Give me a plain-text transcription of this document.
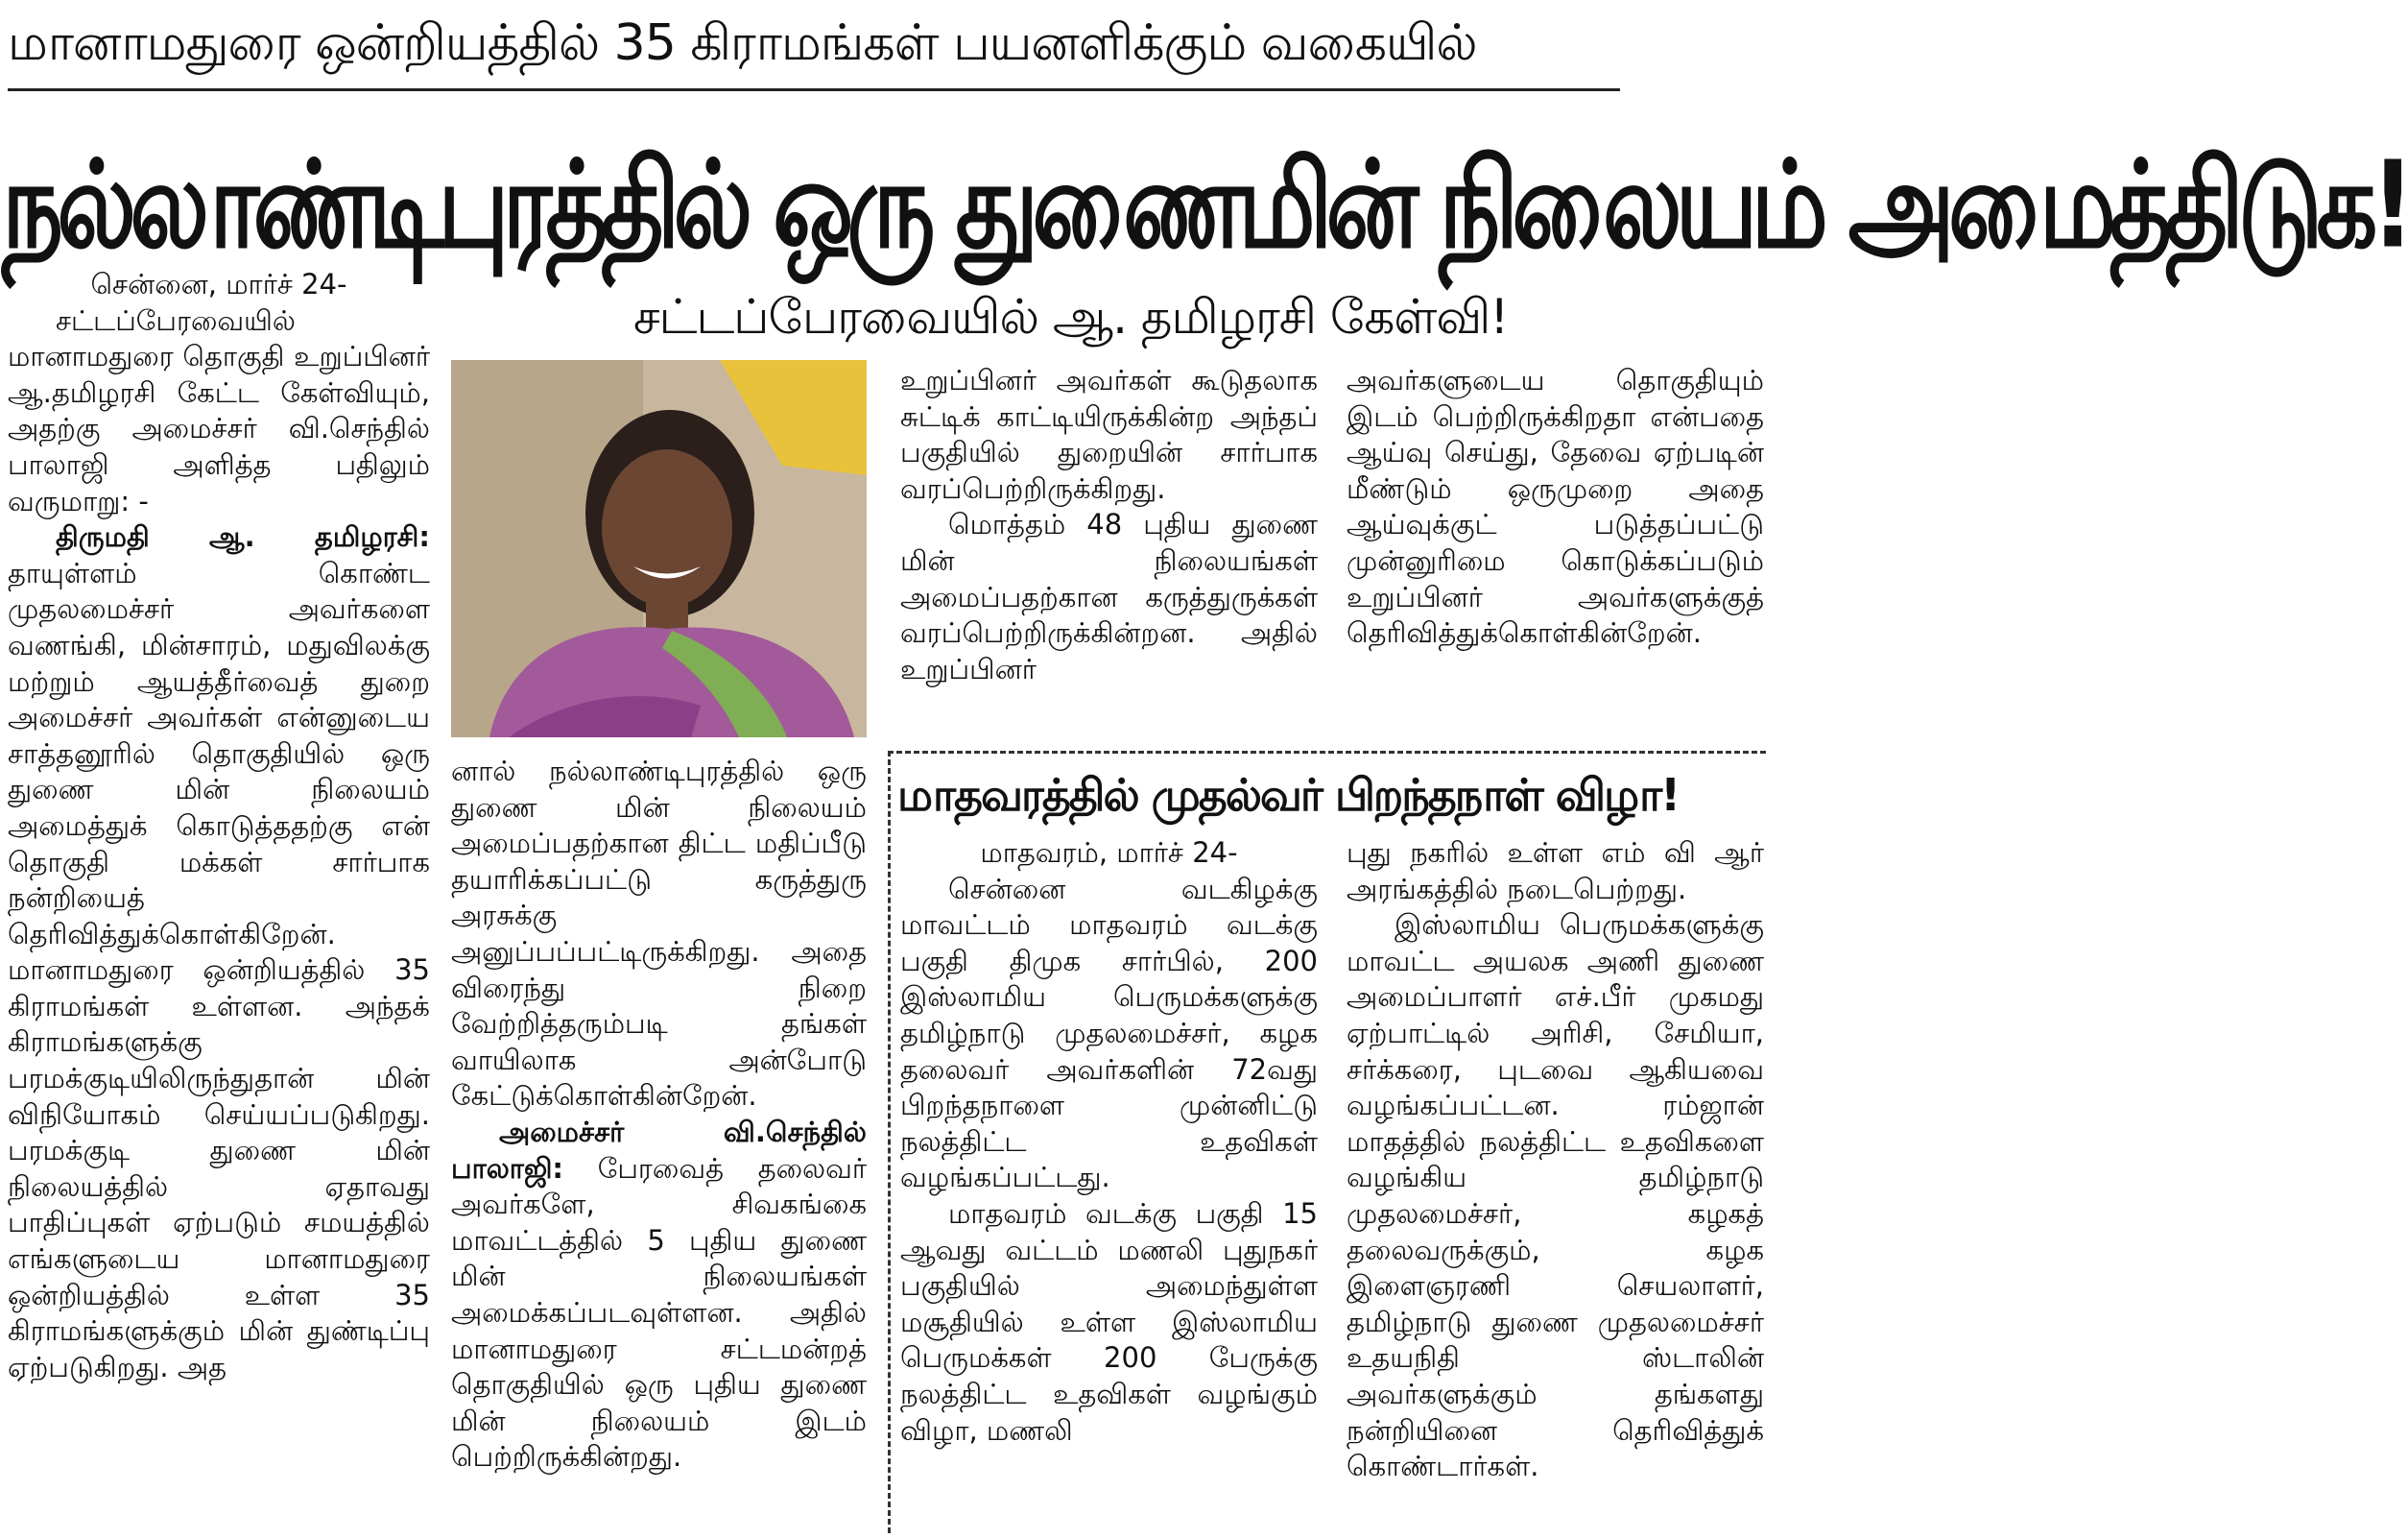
மானாமதுரை ஒன்றியத்தில் 35 கிராமங்கள் பயனளிக்கும் வகையில்
நல்லாண்டிபுரத்தில் ஒரு துணைமின் நிலையம் அமைத்திடுக!
சட்டப்பேரவையில் ஆ. தமிழரசி கேள்வி!

சென்னை, மார்ச் 24-

சட்டப்பேரவையில் மானாமதுரை தொகுதி உறுப்பினர் ஆ.தமிழரசி கேட்ட கேள்வியும், அதற்கு அமைச்சர் வி.செந்தில் பாலாஜி அளித்த பதிலும் வருமாறு: -

திருமதி ஆ. தமிழரசி: தாயுள்ளம் கொண்ட முதலமைச்சர் அவர்களை வணங்கி, மின்சாரம், மதுவிலக்கு மற்றும் ஆயத்தீர்வைத் துறை அமைச்சர் அவர்கள் என்னுடைய சாத்தனூரில் தொகுதியில் ஒரு துணை மின் நிலையம் அமைத்துக் கொடுத்ததற்கு என் தொகுதி மக்கள் சார்பாக நன்றியைத் தெரிவித்துக்கொள்கிறேன். மானாமதுரை ஒன்றியத்தில் 35 கிராமங்கள் உள்ளன. அந்தக் கிராமங்களுக்கு பரமக்குடியிலிருந்துதான் மின் விநியோகம் செய்யப்படுகிறது. பரமக்குடி துணை மின் நிலையத்தில் ஏதாவது பாதிப்புகள் ஏற்படும் சமயத்தில் எங்களுடைய மானாமதுரை ஒன்றியத்தில் உள்ள 35 கிராமங்களுக்கும் மின் துண்டிப்பு ஏற்படுகிறது. அத

னால் நல்லாண்டிபுரத்தில் ஒரு துணை மின் நிலையம் அமைப்பதற்கான திட்ட மதிப்பீடு தயாரிக்கப்பட்டு கருத்துரு அரசுக்கு அனுப்பப்பட்டிருக்கிறது. அதை விரைந்து நிறை வேற்றித்தரும்படி தங்கள் வாயிலாக அன்போடு கேட்டுக்கொள்கின்றேன்.

அமைச்சர் வி.செந்தில் பாலாஜி: பேரவைத் தலைவர் அவர்களே, சிவகங்கை மாவட்டத்தில் 5 புதிய துணை மின் நிலையங்கள் அமைக்கப்படவுள்ளன. அதில் மானாமதுரை சட்டமன்றத் தொகுதியில் ஒரு புதிய துணை மின் நிலையம் இடம் பெற்றிருக்கின்றது.

உறுப்பினர் அவர்கள் கூடுதலாக சுட்டிக் காட்டியிருக்கின்ற அந்தப் பகுதியில் துறையின் சார்பாக வரப்பெற்றிருக்கிறது.

மொத்தம் 48 புதிய துணை மின் நிலையங்கள் அமைப்பதற்கான கருத்துருக்கள் வரப்பெற்றிருக்கின்றன. அதில் உறுப்பினர்

அவர்களுடைய தொகுதியும் இடம் பெற்றிருக்கிறதா என்பதை ஆய்வு செய்து, தேவை ஏற்படின் மீண்டும் ஒருமுறை அதை ஆய்வுக்குட் படுத்தப்பட்டு முன்னுரிமை கொடுக்கப்படும் உறுப்பினர் அவர்களுக்குத் தெரிவித்துக்கொள்கின்றேன்.

மாதவரத்தில் முதல்வர் பிறந்தநாள் விழா!

மாதவரம், மார்ச் 24-

சென்னை வடகிழக்கு மாவட்டம் மாதவரம் வடக்கு பகுதி திமுக சார்பில், 200 இஸ்லாமிய பெருமக்களுக்கு தமிழ்நாடு முதலமைச்சர், கழக தலைவர் அவர்களின் 72வது பிறந்தநாளை முன்னிட்டு நலத்திட்ட உதவிகள் வழங்கப்பட்டது.

மாதவரம் வடக்கு பகுதி 15 ஆவது வட்டம் மணலி புதுநகர் பகுதியில் அமைந்துள்ள மசூதியில் உள்ள இஸ்லாமிய பெருமக்கள் 200 பேருக்கு நலத்திட்ட உதவிகள் வழங்கும் விழா, மணலி

புது நகரில் உள்ள எம் வி ஆர் அரங்கத்தில் நடைபெற்றது.

இஸ்லாமிய பெருமக்களுக்கு மாவட்ட அயலக அணி துணை அமைப்பாளர் எச்.பீர் முகமது ஏற்பாட்டில் அரிசி, சேமியா, சர்க்கரை, புடவை ஆகியவை வழங்கப்பட்டன. ரம்ஜான் மாதத்தில் நலத்திட்ட உதவிகளை வழங்கிய தமிழ்நாடு முதலமைச்சர், கழகத் தலைவருக்கும், கழக இளைஞரணி செயலாளர், தமிழ்நாடு துணை முதலமைச்சர் உதயநிதி ஸ்டாலின் அவர்களுக்கும் தங்களது நன்றியினை தெரிவித்துக் கொண்டார்கள்.
